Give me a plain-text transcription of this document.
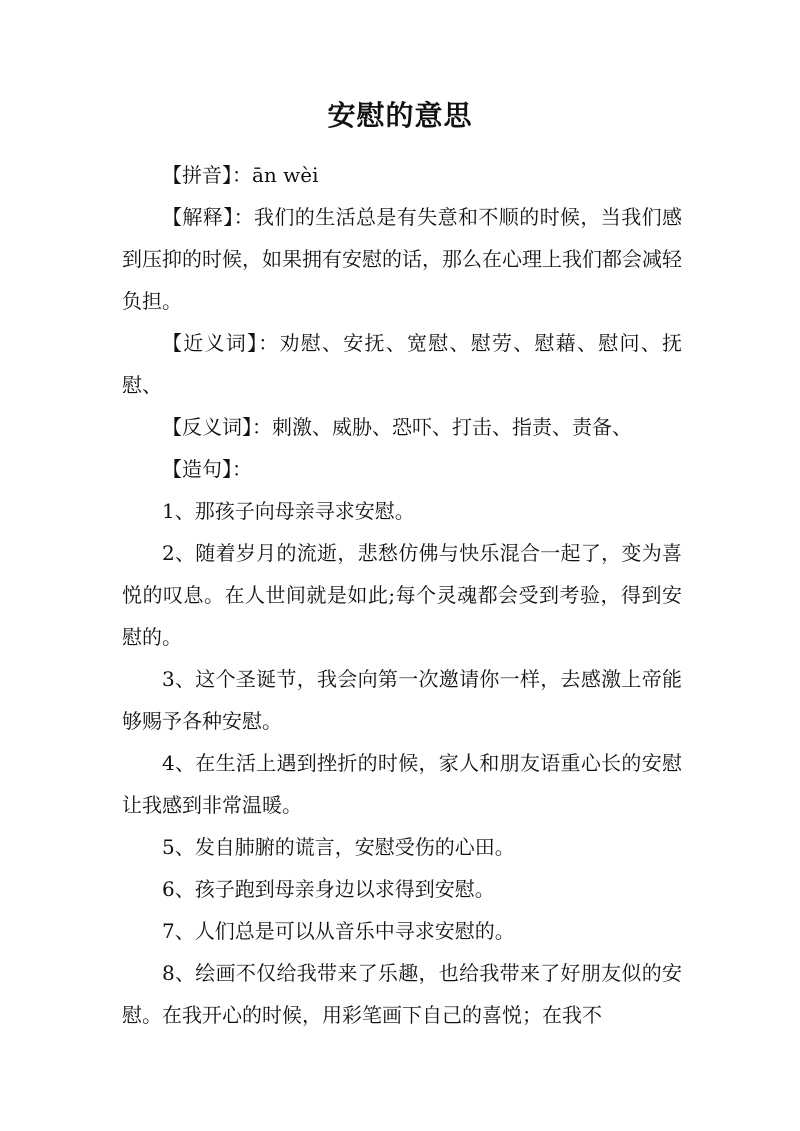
安慰的意思

【拼音】：ān wèi

【解释】：我们的生活总是有失意和不顺的时候，当我们感到压抑的时候，如果拥有安慰的话，那么在心理上我们都会减轻负担。

【近义词】：劝慰、安抚、宽慰、慰劳、慰藉、慰问、抚慰、

【反义词】：刺激、威胁、恐吓、打击、指责、责备、

【造句】：

1、那孩子向母亲寻求安慰。

2、随着岁月的流逝，悲愁仿佛与快乐混合一起了，变为喜悦的叹息。在人世间就是如此;每个灵魂都会受到考验，得到安慰的。

3、这个圣诞节，我会向第一次邀请你一样，去感激上帝能够赐予各种安慰。

4、在生活上遇到挫折的时候，家人和朋友语重心长的安慰让我感到非常温暖。

5、发自肺腑的谎言，安慰受伤的心田。

6、孩子跑到母亲身边以求得到安慰。

7、人们总是可以从音乐中寻求安慰的。

8、绘画不仅给我带来了乐趣，也给我带来了好朋友似的安慰。在我开心的时候，用彩笔画下自己的喜悦；在我不
